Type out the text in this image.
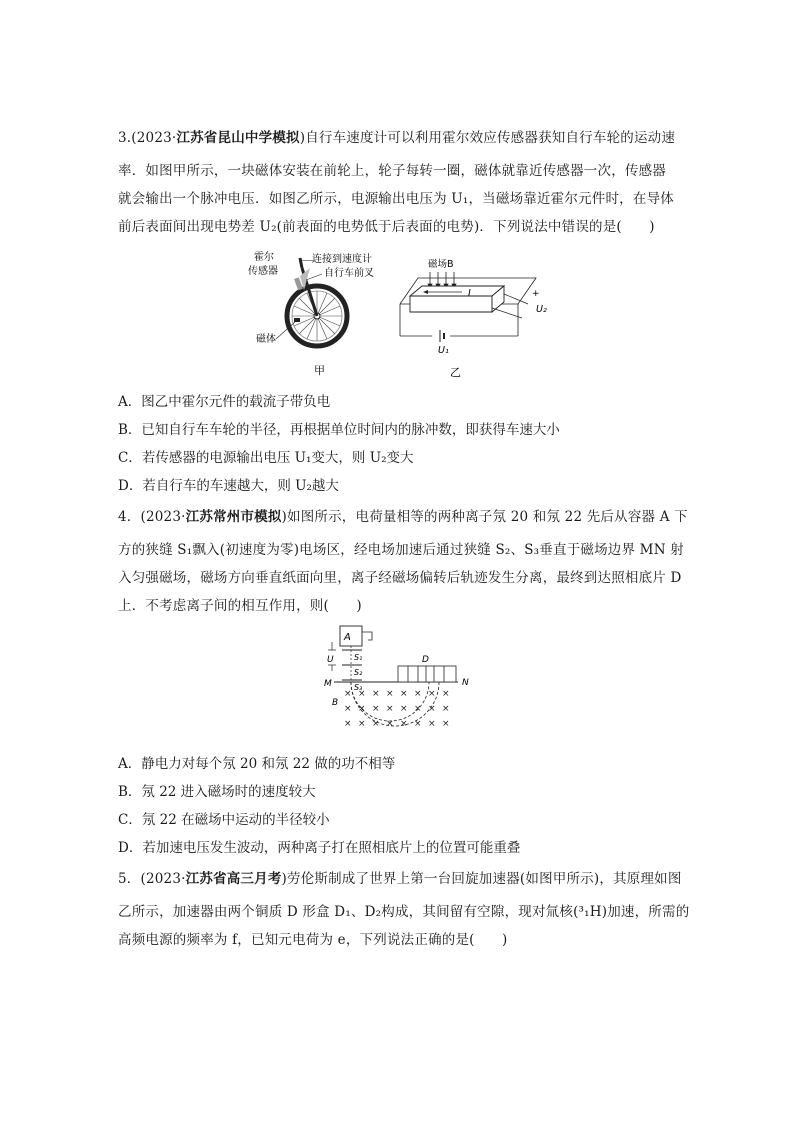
3.(2023·江苏省昆山中学模拟)自行车速度计可以利用霍尔效应传感器获知自行车轮的运动速
率．如图甲所示，一块磁体安装在前轮上，轮子每转一圈，磁体就靠近传感器一次，传感器
就会输出一个脉冲电压．如图乙所示，电源输出电压为 U₁，当磁场靠近霍尔元件时，在导体
前后表面间出现电势差 U₂(前表面的电势低于后表面的电势)．下列说法中错误的是(　　)
霍尔
传感器
连接到速度计
自行车前叉
磁体
甲
磁场B
I	+
U₂
U₁
乙
A．图乙中霍尔元件的载流子带负电
B．已知自行车车轮的半径，再根据单位时间内的脉冲数，即获得车速大小
C．若传感器的电源输出电压 U₁变大，则 U₂变大
D．若自行车的车速越大，则 U₂越大
4．(2023·江苏常州市模拟)如图所示，电荷量相等的两种离子氖 20 和氖 22 先后从容器 A 下
方的狭缝 S₁飘入(初速度为零)电场区，经电场加速后通过狭缝 S₂、S₃垂直于磁场边界 MN 射
入匀强磁场，磁场方向垂直纸面向里，离子经磁场偏转后轨迹发生分离，最终到达照相底片 D
上．不考虑离子间的相互作用，则(　　)
A
S₁
S₂
S₃
U
M	N
D
B
× × × × × × × ×
× × × × × × × ×
× × × × × × × ×
A．静电力对每个氖 20 和氖 22 做的功不相等
B．氖 22 进入磁场时的速度较大
C．氖 22 在磁场中运动的半径较小
D．若加速电压发生波动，两种离子打在照相底片上的位置可能重叠
5．(2023·江苏省高三月考)劳伦斯制成了世界上第一台回旋加速器(如图甲所示)，其原理如图
乙所示，加速器由两个铜质 D 形盒 D₁、D₂构成，其间留有空隙，现对氚核(³₁H)加速，所需的
高频电源的频率为 f，已知元电荷为 e，下列说法正确的是(　　)
